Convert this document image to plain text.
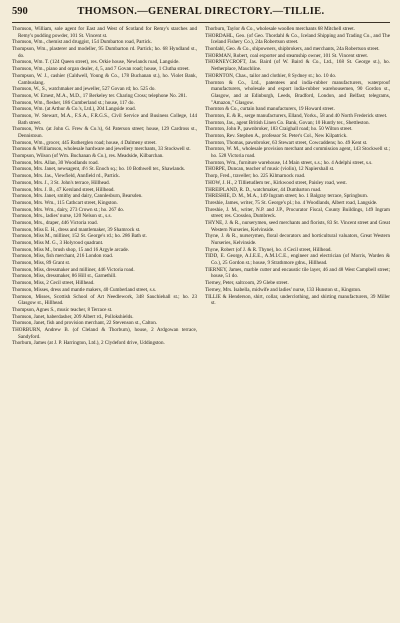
590	THOMSON.—GENERAL DIRECTORY.—TILLIE.

Thomson, William, sole agent for East and West of Scotland for Remy's starches and Remy's pudding powder, 101 St. Vincent st.

Thomson, Wm., chemist and druggist, 154 Dumbarton road, Partick.

Thompson, Wm., plasterer and modeller, 95 Dumbarton rd. Partick; ho. 68 Hyndland st., do.

Thomson, Wm. T. (124 Queen street), res. Orkie house, Newlands road, Langside.

Thomson, Wm., piano and organ dealer, 4, 5, and 7 Govan road; house, 1 Clutha street.

Thompson, W. J., cashier (Caldwell, Young & Co., 178 Buchanan st.), ho. Violet Bank, Cambuslang.

Thomson, W., S., watchmaker and jeweller, 527 Govan rd; ho. 525 do.

Thomson, W. Ernest, M.A., M.D., 17 Berkeley ter. Charing Cross; telephone No. 281.

Thomson, Wm., flesher, 186 Cumberland st.; house, 117 do.

Thomson, Wm. (at Arthur & Co.'s, Ltd.), 204 Langside road.

Thomson, W. Stewart, M.A., F.S.A., F.R.G.S., Civil Service and Business College, 144 Bath street.

Thomson, Wm. (at John G. Frew & Co.'s), 64 Paterson street; house, 129 Cardross st., Dennistoun.

Thomson, Wm., grocer, 445 Rutherglen road; house, 4 Dalmeny street.

Thomson & Williamson, wholesale hardware and jewellery merchants, 33 Stockwell st.

Thompson, Wilson (of Wm. Buchanan & Co.), res. Meadside, Kilbarchan.

Thomson, Mrs. Allan, 30 Woodlands road.

Thomson, Mrs. Janet, newsagent, 4½ St. Enoch sq.; ho. 10 Bothwell ter., Shawlands.

Thomson, Mrs. Jas., Viewfield, Annfield rd., Partick.

Thomson, Mrs. J., 3 St. John's terrace, Hillhead.

Thomson, Mrs. J. B., 47 Kersland street, Hillhead.

Thomson, Mrs. Janet, smithy and dairy, Cannlesburn, Bearsden.

Thomson, Mrs. Wm., 115 Cathcart street, Kingston.

Thomson, Mrs. Wm., dairy, 273 Crown st.; ho. 267 do.

Thomson, Mrs., ladies' nurse, 120 Nelson st., s.s.

Thomson, Mrs., draper, 446 Victoria road.

Thomson, Miss E. H., dress and mantlemaker, 39 Shamrock st.

Thomson, Miss M., milliner, 152 St. George's rd.; ho. 286 Bath st.

Thomson, Miss M. G., 3 Holyrood quadrant.

Thomson, Miss M., brush shop, 15 and 16 Argyle arcade.

Thomson, Miss, fish merchant, 216 London road.

Thomson, Miss, 89 Grant st.

Thomson, Miss, dressmaker and milliner, 446 Victoria road.

Thomson, Miss, dressmaker, 86 Hill st., Garnethill.

Thomson, Miss, 2 Cecil street, Hillhead.

Thomson, Misses, dress and mantle makers, 40 Cumberland street, s.s.

Thomson, Misses, Scottish School of Art Needlework, 348 Sauchiehall st.; ho. 23 Glasgow st., Hillhead.

Thompson, Agnes S., music teacher, 8 Terrace st.

Thomson, Janet, haberdasher, 209 Albert rd., Pollokshields.

Thomson, Janet, fish and provision merchant, 22 Stevenson st., Calton.

THORBURN, Andrew B. (of Cleland & Thorburn), house, 2 Ardgowan terrace, Sandyford.

Thorburn, James (at J. P. Harrington, Ltd.), 2 Clydeford drive, Uddingston.

Thorburn, Taylor & Co., wholesale woollen merchants 68 Mitchell street.

THORDAHL, Geo. (of Geo. Thordahl & Co., Iceland Shipping and Trading Co., and The Iceland Fishery Co.), 24a Robertson street.

Thordahl, Geo. & Co., shipowners, shipbrokers, and merchants, 24a Robertson street.

THORMAN, Robert, coal exporter and steamship owner, 101 St. Vincent street.

THORNEYCROFT, Jas. Baird (of W. Baird & Co., Ltd., 168 St. George st.), ho. Netherplace, Mauchline.

THORNTON, Chas., tailor and clothier, 8 Sydney st.; ho. 10 do.

Thornton & Co., Ltd., patentees and india-rubber manufacturers, waterproof manufacturers, wholesale and export india-rubber warehousemen, 90 Gordon st., Glasgow, and at Edinburgh, Leeds, Bradford, London, and Belfast; telegrams, "Amazon," Glasgow.

Thornton & Co., curtain band manufacturers, 19 Howard street.

Thornton, E. & R., serge manufacturers, Elland, Yorks., 58 and 40 North Frederick street.

Thornton, Jas., agent British Linen Co. Bank, Govan; 10 Huntly ter., Shettleston.

Thornton, John P., pawnbroker, 183 Craighall road; ho. 50 Wilton street.

Thornton, Rev. Stephen A., professor St. Peter's Col., New Kilpatrick.

Thornton, Thomas, pawnbroker, 63 Stewart street, Cowcaddens; ho. 49 Kent st.

Thornton, W. M., wholesale provision merchant and commission agent, 143 Stockwell st.; ho. 528 Victoria road.

Thornton, Wm., furniture warehouse, 14 Main street, s.s.; ho. 4 Adelphi street, s.s.

THORPE, Duncan, teacher of music (violin), 12 Napiershall st.

Thorp, Fred., traveller; ho. 225 Kilmarnock road.

THOW, J. H., 2 Tillietudlem ter., Kirkwood street, Paisley road, west.

THREIPLAND, R. D., watchmaker, 44 Dumbarton road.

THRESHIE, D. M., M.A., 149 Ingram street; ho. 1 Balgray terrace, Springburn.

Threshie, James, writer, 75 St. George's pl.; ho. 4 Woodlands, Albert road, Langside.

Threshie, J. M., writer, N.P. and J.P., Procurator Fiscal, County Buildings, 149 Ingram street; res. Crosslea, Dumbreck.

THYNE, J. & R., nurserymen, seed merchants and florists, 83 St. Vincent street and Great Western Nurseries, Kelvinside.

Thyne, J. & R., nurserymen, floral decorators and horticultural valuators, Great Western Nurseries, Kelvinside.

Thyne, Robert (of J. & R. Thyne), ho. 4 Cecil street, Hillhead.

TIDD, E. George, A.I.E.E., A.M.I.C.E., engineer and electrician (of Morris, Warden & Co.), 25 Gordon st.; house, 9 Strathmore gdns., Hillhead.

TIERNEY, James, marble cutter and encaustic tile layer, 46 and 48 West Campbell street; house, 51 do.

Tierney, Peter, saltcoom, 29 Glebe street.

Tierney, Mrs. Isabella, midwife and ladies' nurse, 133 Hunston st., Kingston.

TILLIE & Henderson, shirt, collar, underclothing, and shirting manufacturers, 39 Miller st.
